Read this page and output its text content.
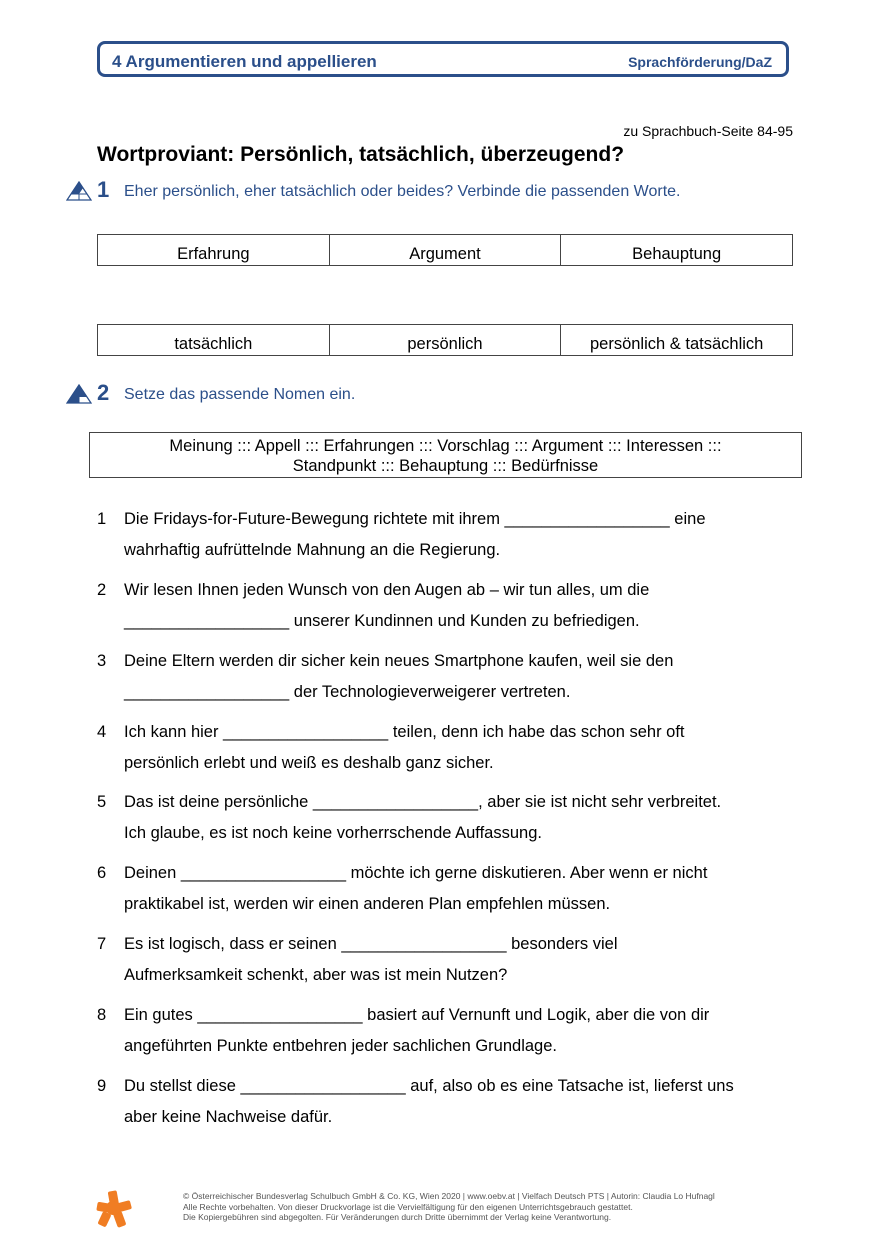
4 Argumentieren und appellieren	Sprachförderung/DaZ
zu Sprachbuch-Seite 84-95
Wortproviant: Persönlich, tatsächlich, überzeugend?
1 Eher persönlich, eher tatsächlich oder beides? Verbinde die passenden Worte.
Erfahrung	Argument	Behauptung
tatsächlich	persönlich	persönlich & tatsächlich
2 Setze das passende Nomen ein.
Meinung ::: Appell ::: Erfahrungen ::: Vorschlag ::: Argument ::: Interessen :::
Standpunkt ::: Behauptung ::: Bedürfnisse
1 Die Fridays-for-Future-Bewegung richtete mit ihrem __________________ eine
wahrhaftig aufrüttelnde Mahnung an die Regierung.
2 Wir lesen Ihnen jeden Wunsch von den Augen ab – wir tun alles, um die
__________________ unserer Kundinnen und Kunden zu befriedigen.
3 Deine Eltern werden dir sicher kein neues Smartphone kaufen, weil sie den
__________________ der Technologieverweigerer vertreten.
4 Ich kann hier __________________ teilen, denn ich habe das schon sehr oft
persönlich erlebt und weiß es deshalb ganz sicher.
5 Das ist deine persönliche __________________, aber sie ist nicht sehr verbreitet.
Ich glaube, es ist noch keine vorherrschende Auffassung.
6 Deinen __________________ möchte ich gerne diskutieren. Aber wenn er nicht
praktikabel ist, werden wir einen anderen Plan empfehlen müssen.
7 Es ist logisch, dass er seinen __________________ besonders viel
Aufmerksamkeit schenkt, aber was ist mein Nutzen?
8 Ein gutes __________________ basiert auf Vernunft und Logik, aber die von dir
angeführten Punkte entbehren jeder sachlichen Grundlage.
9 Du stellst diese __________________ auf, also ob es eine Tatsache ist, lieferst uns
aber keine Nachweise dafür.
© Österreichischer Bundesverlag Schulbuch GmbH & Co. KG, Wien 2020 | www.oebv.at | Vielfach Deutsch PTS | Autorin: Claudia Lo Hufnagl
Alle Rechte vorbehalten. Von dieser Druckvorlage ist die Vervielfältigung für den eigenen Unterrichtsgebrauch gestattet.
Die Kopiergebühren sind abgegolten. Für Veränderungen durch Dritte übernimmt der Verlag keine Verantwortung.
